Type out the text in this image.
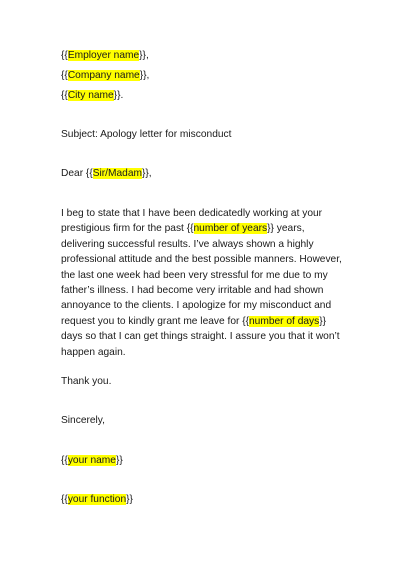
{{Employer name}},
{{Company name}},
{{City name}}.
Subject: Apology letter for misconduct
Dear {{Sir/Madam}},
I beg to state that I have been dedicatedly working at your
prestigious firm for the past {{number of years}} years,
delivering successful results. I’ve always shown a highly
professional attitude and the best possible manners. However,
the last one week had been very stressful for me due to my
father’s illness. I had become very irritable and had shown
annoyance to the clients. I apologize for my misconduct and
request you to kindly grant me leave for {{number of days}}
days so that I can get things straight. I assure you that it won’t
happen again.
Thank you.
Sincerely,
{{your name}}
{{your function}}
